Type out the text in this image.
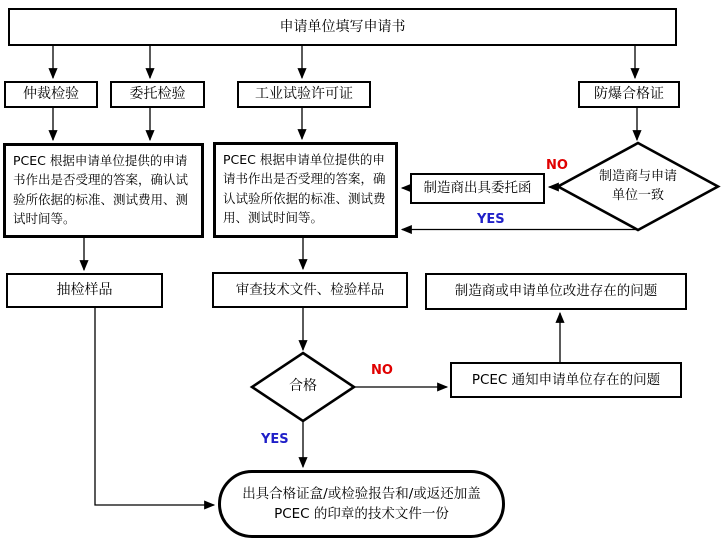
申请单位填写申请书
仲裁检验	委托检验	工业试验许可证	防爆合格证
PCEC 根据申请单位提供的申请书作出是否受理的答案，确认试验所依据的标准、测试费用、测试时间等。
PCEC 根据申请单位提供的申请书作出是否受理的答案，确认试验所依据的标准、测试费用、测试时间等。
制造商出具委托函
制造商与申请单位一致
抽检样品	审查技术文件、检验样品	制造商或申请单位改进存在的问题
合格	PCEC 通知申请单位存在的问题
出具合格证盒/或检验报告和/或返还加盖 PCEC 的印章的技术文件一份
NO
YES
NO
YES
